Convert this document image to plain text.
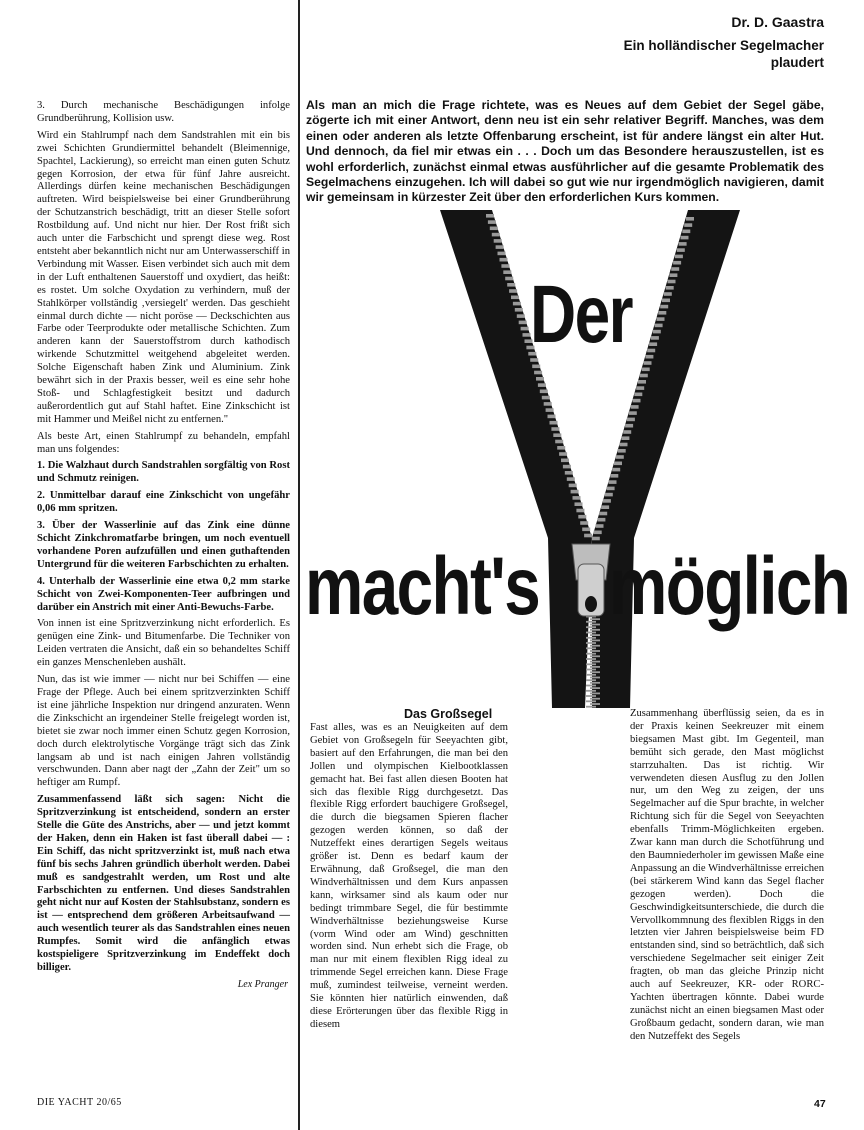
3. Durch mechanische Beschädigungen infolge Grundberührung, Kollision usw.

Wird ein Stahlrumpf nach dem Sandstrahlen mit ein bis zwei Schichten Grundiermittel behandelt (Bleimennige, Spachtel, Lackierung), so erreicht man einen guten Schutz gegen Korrosion, der etwa für fünf Jahre ausreicht. Allerdings dürfen keine mechanischen Beschädigungen auftreten. Wird beispielsweise bei einer Grundberührung der Schutzanstrich beschädigt, tritt an dieser Stelle sofort Rostbildung auf. Und nicht nur hier. Der Rost frißt sich auch unter die Farbschicht und sprengt diese weg. Rost entsteht aber bekanntlich nicht nur am Unterwasserschiff in Verbindung mit Wasser. Eisen verbindet sich auch mit dem in der Luft enthaltenen Sauerstoff und oxydiert, das heißt: es rostet. Um solche Oxydation zu verhindern, muß der Stahlkörper vollständig ‚versiegelt' werden. Das geschieht einmal durch dichte — nicht poröse — Deckschichten aus Farbe oder Teerprodukte oder metallische Schichten. Zum anderen kann der Sauerstoffstrom durch kathodisch wirkende Schutzmittel weitgehend abgeleitet werden. Solche Eigenschaft haben Zink und Aluminium. Zink bewährt sich in der Praxis besser, weil es eine sehr hohe Stoß- und Schlagfestigkeit besitzt und dadurch außerordentlich gut auf Stahl haftet. Eine Zinkschicht ist mit Hammer und Meißel nicht zu entfernen."

Als beste Art, einen Stahlrumpf zu behandeln, empfahl man uns folgendes:

1. Die Walzhaut durch Sandstrahlen sorgfältig von Rost und Schmutz reinigen.

2. Unmittelbar darauf eine Zinkschicht von ungefähr 0,06 mm spritzen.

3. Über der Wasserlinie auf das Zink eine dünne Schicht Zinkchromatfarbe bringen, um noch eventuell vorhandene Poren aufzufüllen und einen guthaftenden Untergrund für die weiteren Farbschichten zu erhalten.

4. Unterhalb der Wasserlinie eine etwa 0,2 mm starke Schicht von Zwei-Komponenten-Teer aufbringen und darüber ein Anstrich mit einer Anti-Bewuchs-Farbe.

Von innen ist eine Spritzverzinkung nicht erforderlich. Es genügen eine Zink- und Bitumenfarbe. Die Techniker von Leiden vertraten die Ansicht, daß ein so behandeltes Schiff ein ganzes Menschenleben aushält.

Nun, das ist wie immer — nicht nur bei Schiffen — eine Frage der Pflege. Auch bei einem spritzverzinkten Schiff ist eine jährliche Inspektion nur dringend anzuraten. Wenn die Zinkschicht an irgendeiner Stelle freigelegt worden ist, bietet sie zwar noch immer einen Schutz gegen Korrosion, doch durch elektrolytische Vorgänge trägt sich das Zink langsam ab und ist nach einigen Jahren vollständig verschwunden. Dann aber nagt der „Zahn der Zeit" um so heftiger am Rumpf.

Zusammenfassend läßt sich sagen: Nicht die Spritzverzinkung ist entscheidend, sondern an erster Stelle die Güte des Anstrichs, aber — und jetzt kommt der Haken, denn ein Haken ist fast überall dabei — : Ein Schiff, das nicht spritzverzinkt ist, muß nach etwa fünf bis sechs Jahren gründlich überholt werden. Dabei muß es sandgestrahlt werden, um Rost und alte Farbschichten zu entfernen. Und dieses Sandstrahlen geht nicht nur auf Kosten der Stahlsubstanz, sondern es ist — entsprechend dem größeren Arbeitsaufwand — auch wesentlich teurer als das Sandstrahlen eines neuen Rumpfes. Somit wird die anfänglich etwas kostspieligere Spritzverzinkung im Endeffekt doch billiger.

Lex Pranger
DIE YACHT 20/65	47
Dr. D. Gaastra
Ein holländischer Segelmacher plaudert
Als man an mich die Frage richtete, was es Neues auf dem Gebiet der Segel gäbe, zögerte ich mit einer Antwort, denn neu ist ein sehr relativer Begriff. Manches, was dem einen oder anderen als letzte Offenbarung erscheint, ist für andere längst ein alter Hut. Und dennoch, da fiel mir etwas ein . . . Doch um das Besondere herauszustellen, ist es wohl erforderlich, zunächst einmal etwas ausführlicher auf die gesamte Problematik des Segelmachens einzugehen. Ich will dabei so gut wie nur irgendmöglich navigieren, damit wir gemeinsam in kürzester Zeit über den erforderlichen Kurs kommen.
Der
macht's möglich
Das Großsegel

Fast alles, was es an Neuigkeiten auf dem Gebiet von Großsegeln für Seeyachten gibt, basiert auf den Erfahrungen, die man bei den Jollen und olympischen Kielbootklassen gemacht hat. Bei fast allen diesen Booten hat sich das flexible Rigg durchgesetzt. Das flexible Rigg erfordert bauchigere Großsegel, die durch die biegsamen Spieren flacher gezogen werden können, so daß der Nutzeffekt eines derartigen Segels weitaus größer ist. Denn es bedarf kaum der Erwähnung, daß Großsegel, die man den Windverhältnissen und dem Kurs anpassen kann, wirksamer sind als kaum oder nur bedingt trimmbare Segel, die für bestimmte Windverhältnisse beziehungsweise Kurse (vorm Wind oder am Wind) geschnitten worden sind. Nun erhebt sich die Frage, ob man nur mit einem flexiblen Rigg ideal zu trimmende Segel erreichen kann. Diese Frage muß, zumindest teilweise, verneint werden. Sie könnten hier natürlich einwenden, daß diese Erörterungen über das flexible Rigg in diesem

Zusammenhang überflüssig seien, da es in der Praxis keinen Seekreuzer mit einem biegsamen Mast gibt. Im Gegenteil, man bemüht sich gerade, den Mast möglichst starrzuhalten. Das ist richtig. Wir verwendeten diesen Ausflug zu den Jollen nur, um den Weg zu zeigen, der uns Segelmacher auf die Spur brachte, in welcher Richtung sich für die Segel von Seeyachten ebenfalls Trimm-Möglichkeiten ergeben. Zwar kann man durch die Schotführung und den Baumniederholer im gewissen Maße eine Anpassung an die Windverhältnisse erreichen (bei stärkerem Wind kann das Segel flacher gezogen werden). Doch die Geschwindigkeitsunterschiede, die durch die Vervollkommnung des flexiblen Riggs in den letzten vier Jahren beispielsweise beim FD entstanden sind, sind so beträchtlich, daß sich verschiedene Segelmacher seit einiger Zeit fragten, ob man das gleiche Prinzip nicht auch auf Seekreuzer, KR- oder RORC-Yachten übertragen könnte. Dabei wurde zunächst nicht an einen biegsamen Mast oder Großbaum gedacht, sondern daran, wie man den Nutzeffekt des Segels
